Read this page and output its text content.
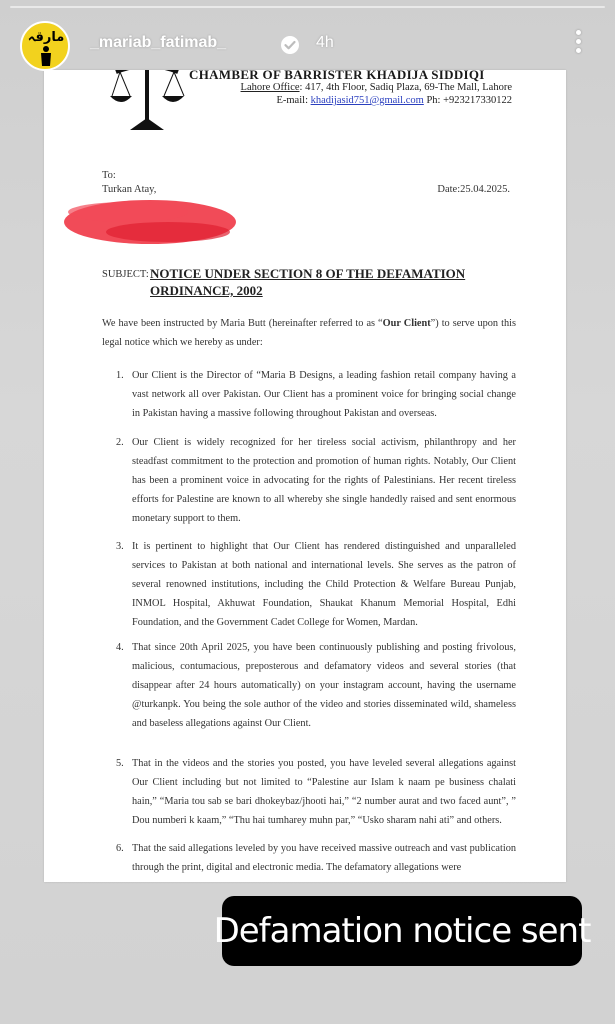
CHAMBER OF BARRISTER KHADIJA SIDDIQI
Lahore Office: 417, 4th Floor, Sadiq Plaza, 69-The Mall, Lahore
E-mail: khadijasid751@gmail.com Ph: +923217330122
To:
Turkan Atay,	Date:25.04.2025.
SUBJECT: NOTICE UNDER SECTION 8 OF THE DEFAMATION ORDINANCE, 2002
We have been instructed by Maria Butt (hereinafter referred to as “Our Client”) to serve upon this legal notice which we hereby as under:
1. Our Client is the Director of “Maria B Designs, a leading fashion retail company having a vast network all over Pakistan. Our Client has a prominent voice for bringing social change in Pakistan having a massive following throughout Pakistan and overseas.
2. Our Client is widely recognized for her tireless social activism, philanthropy and her steadfast commitment to the protection and promotion of human rights. Notably, Our Client has been a prominent voice in advocating for the rights of Palestinians. Her recent tireless efforts for Palestine are known to all whereby she single handedly raised and sent enormous monetary support to them.
3. It is pertinent to highlight that Our Client has rendered distinguished and unparalleled services to Pakistan at both national and international levels. She serves as the patron of several renowned institutions, including the Child Protection & Welfare Bureau Punjab, INMOL Hospital, Akhuwat Foundation, Shaukat Khanum Memorial Hospital, Edhi Foundation, and the Government Cadet College for Women, Mardan.
4. That since 20th April 2025, you have been continuously publishing and posting frivolous, malicious, contumacious, preposterous and defamatory videos and several stories (that disappear after 24 hours automatically) on your instagram account, having the username @turkanpk. You being the sole author of the video and stories disseminated wild, shameless and baseless allegations against Our Client.
5. That in the videos and the stories you posted, you have leveled several allegations against Our Client including but not limited to “Palestine aur Islam k naam pe business chalati hain,” “Maria tou sab se bari dhokeybaz/jhooti hai,” “2 number aurat and two faced aunt”, ” Dou numberi k kaam,” “Thu hai tumharey muhn par,” “Usko sharam nahi ati” and others.
6. That the said allegations leveled by you have received massive outreach and vast publication through the print, digital and electronic media. The defamatory allegations were
مارقہ _mariab_fatimab_	4h
Defamation notice sent
